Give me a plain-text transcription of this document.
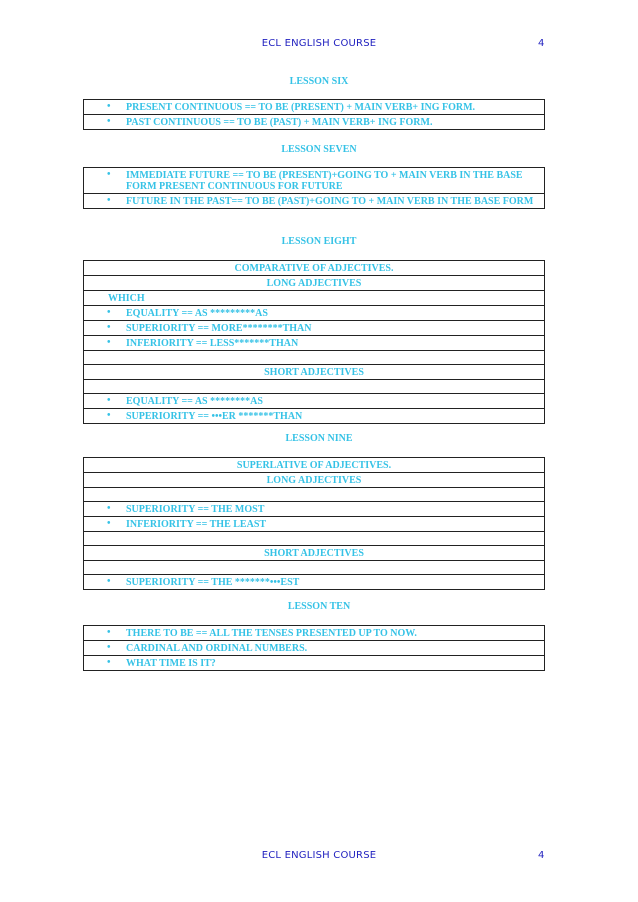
ECL ENGLISH COURSE	4
LESSON SIX
• PRESENT CONTINUOUS == TO BE (PRESENT) + MAIN VERB+ ING FORM.
• PAST CONTINUOUS == TO BE (PAST) + MAIN VERB+ ING FORM.
LESSON SEVEN
• IMMEDIATE FUTURE == TO BE (PRESENT)+GOING TO + MAIN VERB IN THE BASE FORM PRESENT CONTINUOUS FOR FUTURE
• FUTURE IN THE PAST== TO BE (PAST)+GOING TO + MAIN VERB IN THE BASE FORM
LESSON EIGHT
COMPARATIVE OF ADJECTIVES.
LONG ADJECTIVES
WHICH
• EQUALITY == AS *********AS
• SUPERIORITY == MORE********THAN
• INFERIORITY == LESS*******THAN
SHORT ADJECTIVES
• EQUALITY == AS ********AS
• SUPERIORITY == •••ER *******THAN
LESSON NINE
SUPERLATIVE OF ADJECTIVES.
LONG ADJECTIVES
• SUPERIORITY == THE MOST
• INFERIORITY == THE LEAST
SHORT ADJECTIVES
• SUPERIORITY == THE *******•••EST
LESSON TEN
• THERE TO BE == ALL THE TENSES PRESENTED UP TO NOW.
• CARDINAL AND ORDINAL NUMBERS.
• WHAT TIME IS IT?
ECL ENGLISH COURSE	4
